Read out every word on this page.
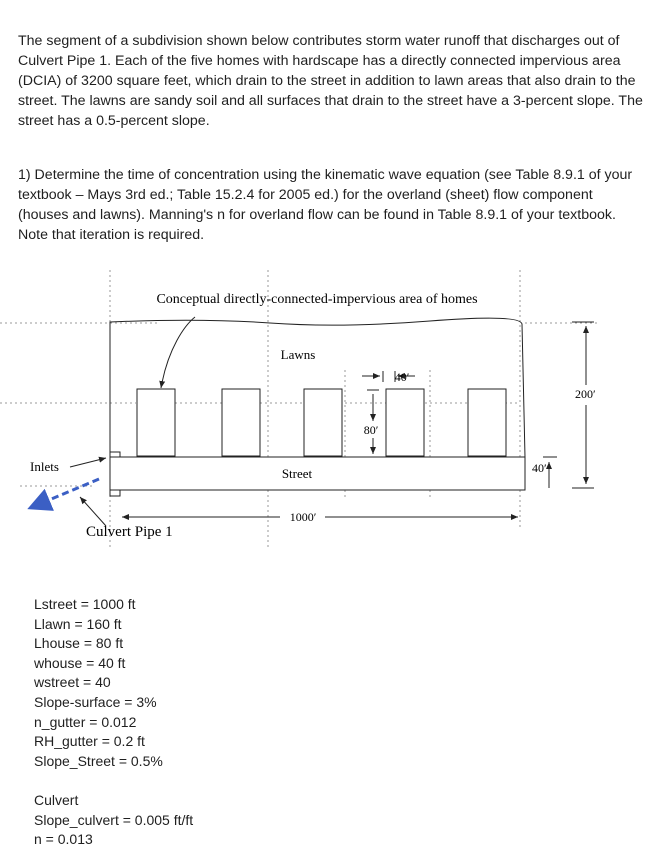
The segment of a subdivision shown below contributes storm water runoff that discharges out of Culvert Pipe 1. Each of the five homes with hardscape has a directly connected impervious area (DCIA) of 3200 square feet, which drain to the street in addition to lawn areas that also drain to the street. The lawns are sandy soil and all surfaces that drain to the street have a 3-percent slope. The street has a 0.5-percent slope.

1) Determine the time of concentration using the kinematic wave equation (see Table 8.9.1 of your textbook – Mays 3rd ed.; Table 15.2.4 for 2005 ed.) for the overland (sheet) flow component (houses and lawns). Manning's n for overland flow can be found in Table 8.9.1 of your textbook. Note that iteration is required.

Conceptual directly-connected-impervious area of homes
Lawns
Street
Inlets
Culvert Pipe 1
40′
80′
200′
40′
1000′
Lstreet = 1000 ft
Llawn = 160 ft
Lhouse = 80 ft
whouse = 40 ft
wstreet = 40
Slope-surface = 3%
n_gutter = 0.012
RH_gutter = 0.2 ft
Slope_Street = 0.5%
Culvert
Slope_culvert = 0.005 ft/ft
n = 0.013
